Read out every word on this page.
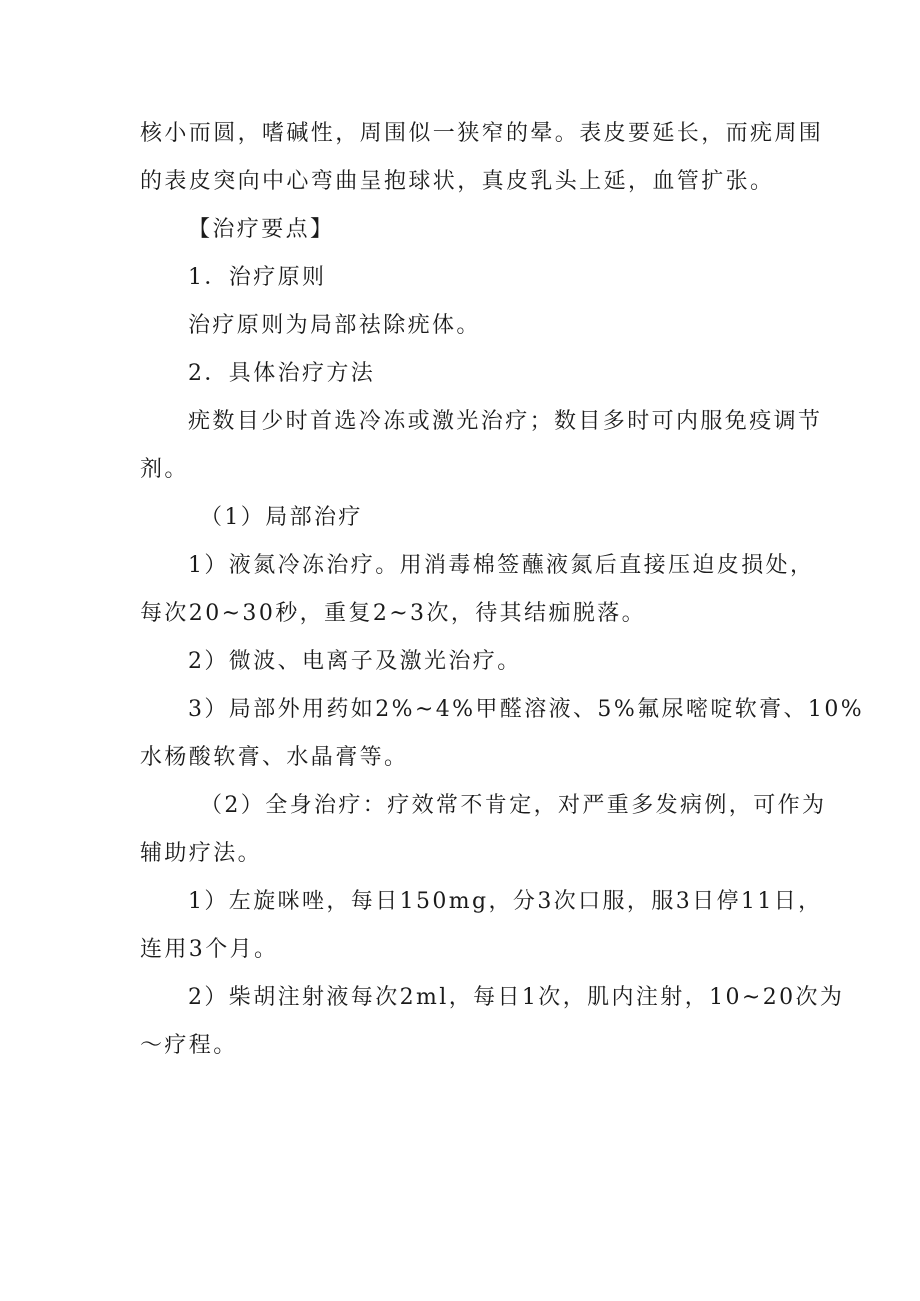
核小而圆，嗜碱性，周围似一狭窄的晕。表皮要延长，而疣周围
的表皮突向中心弯曲呈抱球状，真皮乳头上延，血管扩张。
【治疗要点】
1．治疗原则
治疗原则为局部祛除疣体。
2．具体治疗方法
疣数目少时首选冷冻或激光治疗；数目多时可内服免疫调节
剂。
（1）局部治疗
1）液氮冷冻治疗。用消毒棉签蘸液氮后直接压迫皮损处，
每次20~30秒，重复2~3次，待其结痂脱落。
2）微波、电离子及激光治疗。
3）局部外用药如2%~4%甲醛溶液、5%氟尿嘧啶软膏、10%
水杨酸软膏、水晶膏等。
（2）全身治疗：疗效常不肯定，对严重多发病例，可作为
辅助疗法。
1）左旋咪唑，每日150mg，分3次口服，服3日停11日，
连用3个月。
2）柴胡注射液每次2ml，每日1次，肌内注射，10~20次为
～疗程。
